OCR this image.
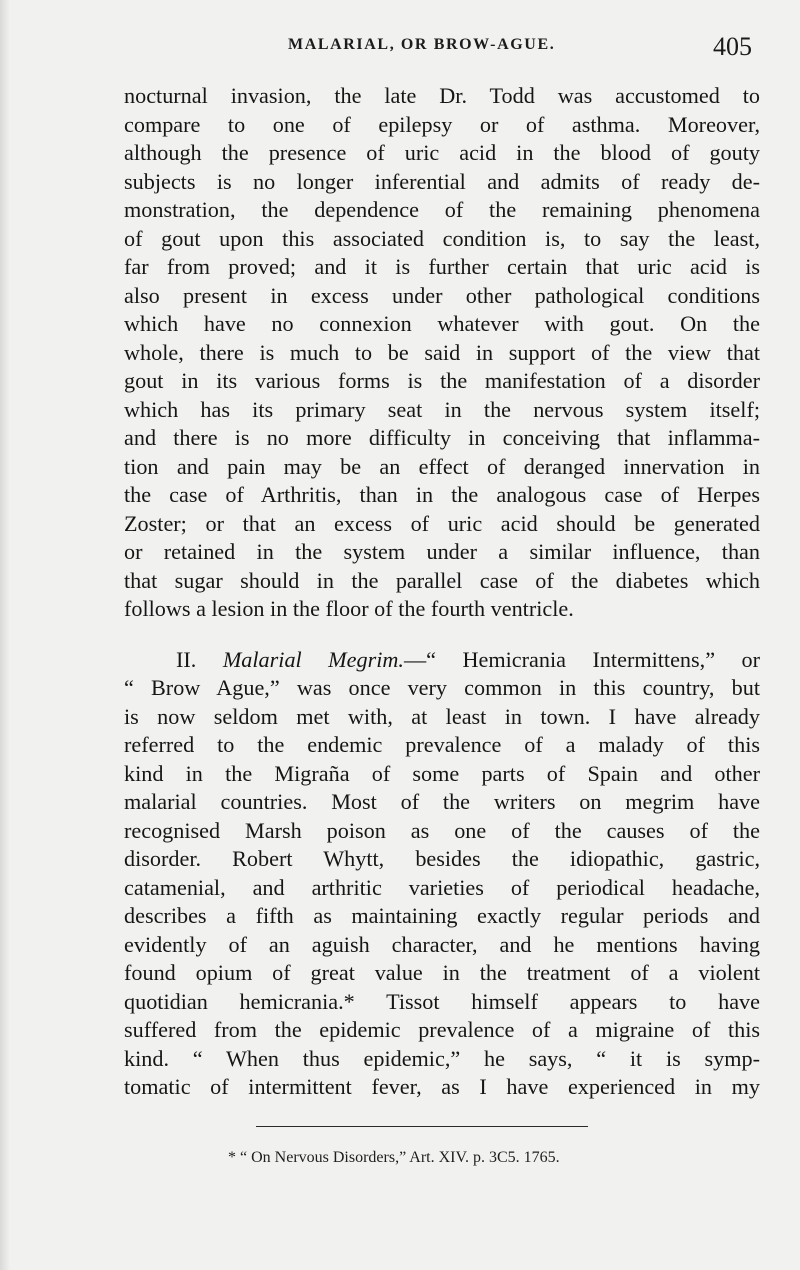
MALARIAL, OR BROW-AGUE.	405
nocturnal invasion, the late Dr. Todd was accustomed to
compare to one of epilepsy or of asthma. Moreover,
although the presence of uric acid in the blood of gouty
subjects is no longer inferential and admits of ready de-
monstration, the dependence of the remaining phenomena
of gout upon this associated condition is, to say the least,
far from proved; and it is further certain that uric acid is
also present in excess under other pathological conditions
which have no connexion whatever with gout. On the
whole, there is much to be said in support of the view that
gout in its various forms is the manifestation of a disorder
which has its primary seat in the nervous system itself;
and there is no more difficulty in conceiving that inflamma-
tion and pain may be an effect of deranged innervation in
the case of Arthritis, than in the analogous case of Herpes
Zoster; or that an excess of uric acid should be generated
or retained in the system under a similar influence, than
that sugar should in the parallel case of the diabetes which
follows a lesion in the floor of the fourth ventricle.
II. Malarial Megrim.—“ Hemicrania Intermittens,” or
“ Brow Ague,” was once very common in this country, but
is now seldom met with, at least in town. I have already
referred to the endemic prevalence of a malady of this
kind in the Migraña of some parts of Spain and other
malarial countries. Most of the writers on megrim have
recognised Marsh poison as one of the causes of the
disorder. Robert Whytt, besides the idiopathic, gastric,
catamenial, and arthritic varieties of periodical headache,
describes a fifth as maintaining exactly regular periods and
evidently of an aguish character, and he mentions having
found opium of great value in the treatment of a violent
quotidian hemicrania.* Tissot himself appears to have
suffered from the epidemic prevalence of a migraine of this
kind. “ When thus epidemic,” he says, “ it is symp-
tomatic of intermittent fever, as I have experienced in my
* “ On Nervous Disorders,” Art. XIV. p. 3C5. 1765.
